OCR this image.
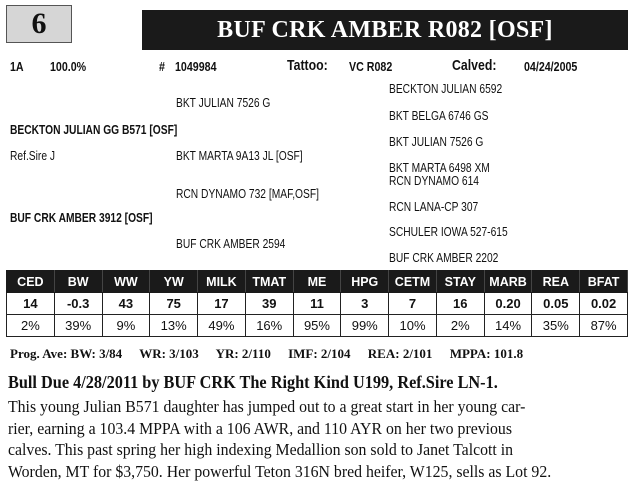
6	BUF CRK AMBER R082 [OSF]
1A 100.0%	# 1049984	Tattoo: VC R082	Calved: 04/24/2005
BECKTON JULIAN 6592
BKT JULIAN 7526 G
BKT BELGA 6746 GS
BECKTON JULIAN GG B571 [OSF]
BKT JULIAN 7526 G
Ref.Sire J	BKT MARTA 9A13 JL [OSF]
BKT MARTA 6498 XM
RCN DYNAMO 614
RCN DYNAMO 732 [MAF,OSF]
RCN LANA-CP 307
BUF CRK AMBER 3912 [OSF]
SCHULER IOWA 527-615
BUF CRK AMBER 2594
BUF CRK AMBER 2202
CED	BW	WW	YW	MILK	TMAT	ME	HPG	CETM	STAY	MARB	REA	BFAT
14	-0.3	43	75	17	39	11	3	7	16	0.20	0.05	0.02
2%	39%	9%	13%	49%	16%	95%	99%	10%	2%	14%	35%	87%
Prog. Ave: BW: 3/84 WR: 3/103 YR: 2/110 IMF: 2/104 REA: 2/101 MPPA: 101.8
Bull Due 4/28/2011 by BUF CRK The Right Kind U199, Ref.Sire LN-1.
This young Julian B571 daughter has jumped out to a great start in her young car-
rier, earning a 103.4 MPPA with a 106 AWR, and 110 AYR on her two previous
calves. This past spring her high indexing Medallion son sold to Janet Talcott in
Worden, MT for $3,750. Her powerful Teton 316N bred heifer, W125, sells as Lot 92.
